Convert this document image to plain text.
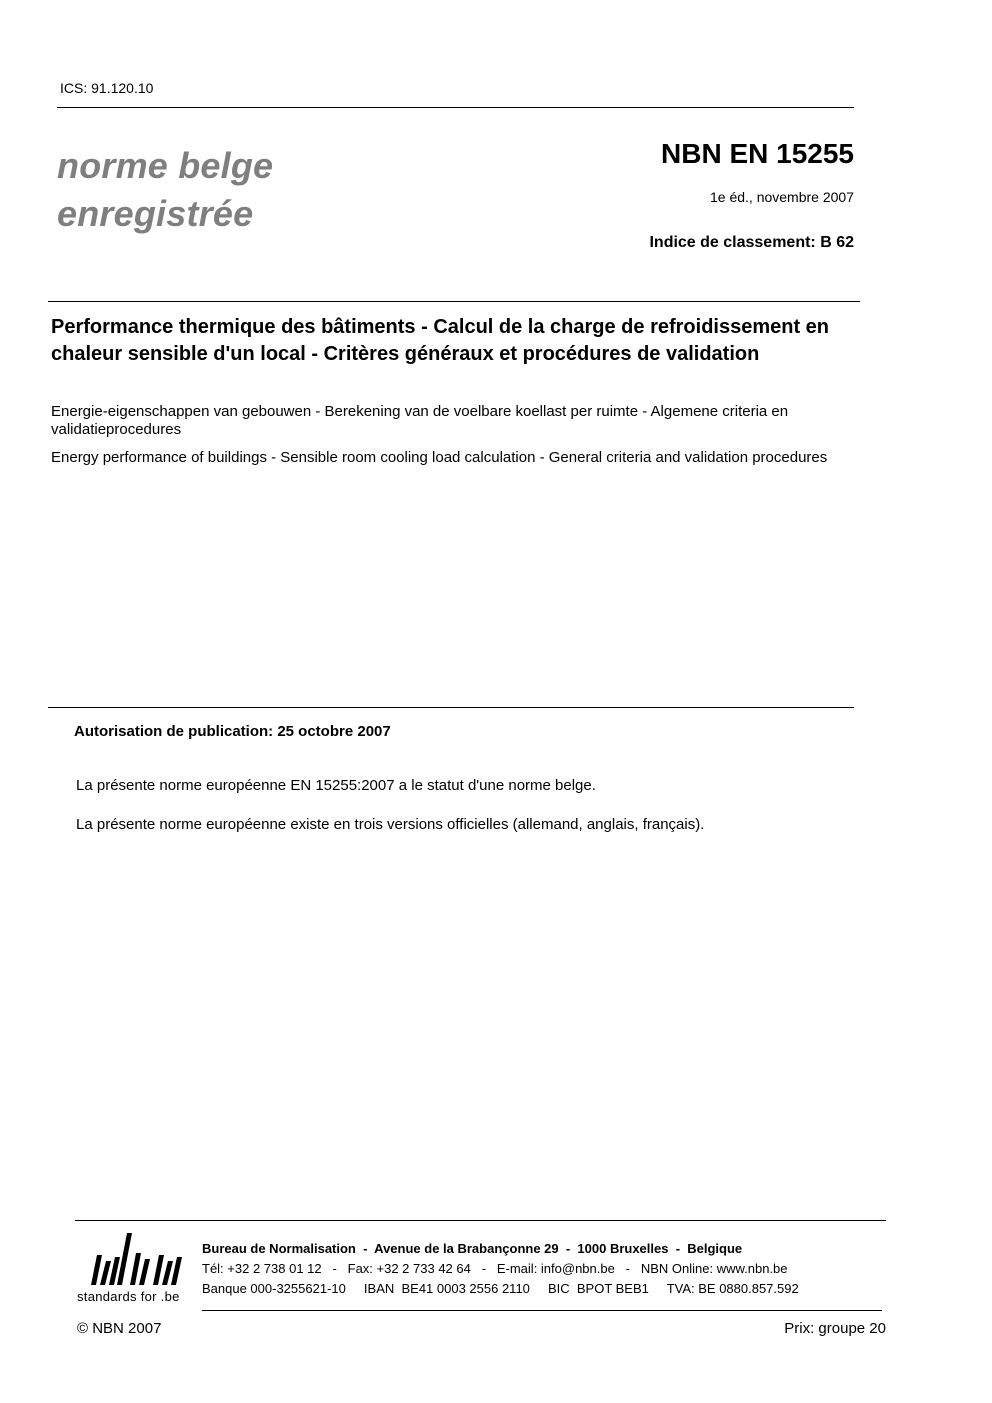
ICS: 91.120.10
norme belge
enregistrée
NBN EN 15255
1e éd., novembre 2007
Indice de classement: B 62
Performance thermique des bâtiments - Calcul de la charge de refroidissement en chaleur sensible d'un local - Critères généraux et procédures de validation
Energie-eigenschappen van gebouwen - Berekening van de voelbare koellast per ruimte - Algemene criteria en validatieprocedures
Energy performance of buildings - Sensible room cooling load calculation - General criteria and validation procedures
Autorisation de publication: 25 octobre 2007
La présente norme européenne EN 15255:2007 a le statut d'une norme belge.
La présente norme européenne existe en trois versions officielles (allemand, anglais, français).
standards for .be
Bureau de Normalisation  -  Avenue de la Brabançonne 29  -  1000 Bruxelles  -  Belgique
Tél: +32 2 738 01 12   -   Fax: +32 2 733 42 64   -   E-mail: info@nbn.be   -   NBN Online: www.nbn.be
Banque 000-3255621-10     IBAN  BE41 0003 2556 2110     BIC  BPOT BEB1     TVA: BE 0880.857.592
© NBN 2007	Prix: groupe 20
